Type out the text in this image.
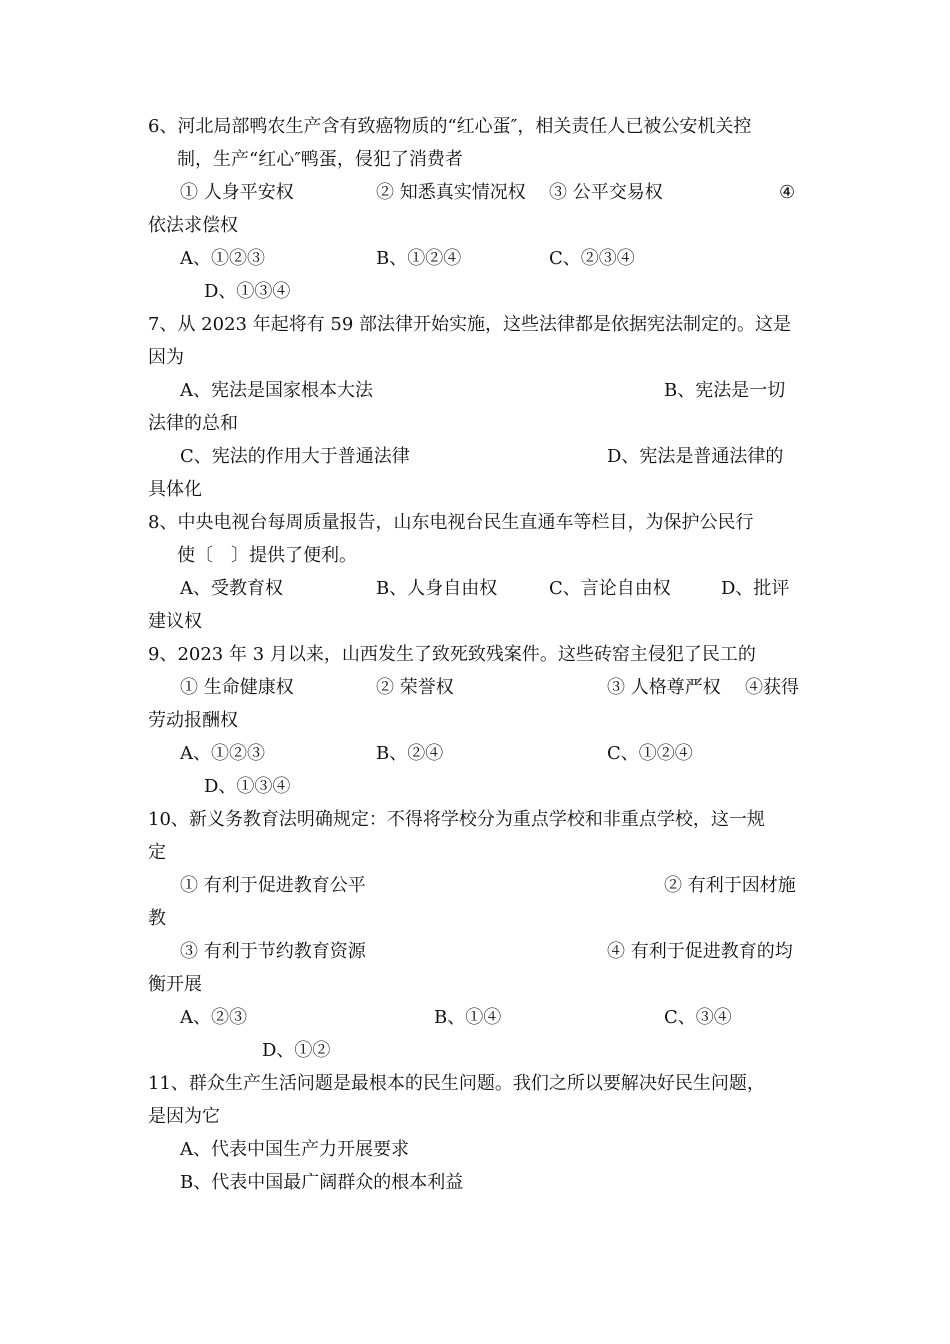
6、河北局部鸭农生产含有致癌物质的“红心蛋″，相关责任人已被公安机关控
制，生产“红心″鸭蛋，侵犯了消费者
① 人身平安权	② 知悉真实情况权 ③ 公平交易权	④
依法求偿权
A、①②③	B、①②④	C、②③④
D、①③④
7、从 2023 年起将有 59 部法律开始实施，这些法律都是依据宪法制定的。这是
因为
A、宪法是国家根本大法	B、宪法是一切
法律的总和
C、宪法的作用大于普通法律	D、宪法是普通法律的
具体化
8、中央电视台每周质量报告，山东电视台民生直通车等栏目，为保护公民行
使〔　〕提供了便利。
A、受教育权	B、人身自由权	C、言论自由权	D、批评
建议权
9、2023 年 3 月以来，山西发生了致死致残案件。这些砖窑主侵犯了民工的
① 生命健康权	② 荣誉权	③ 人格尊严权 ④获得
劳动报酬权
A、①②③	B、②④	C、①②④
D、①③④
10、新义务教育法明确规定：不得将学校分为重点学校和非重点学校，这一规
定
① 有利于促进教育公平	② 有利于因材施
教
③ 有利于节约教育资源	④ 有利于促进教育的均
衡开展
A、②③	B、①④	C、③④
D、①②
11、群众生产生活问题是最根本的民生问题。我们之所以要解决好民生问题，
是因为它
A、代表中国生产力开展要求
B、代表中国最广阔群众的根本利益
